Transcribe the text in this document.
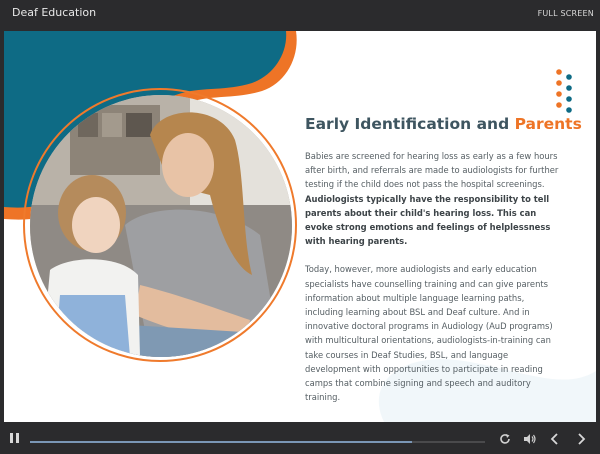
Deaf Education	FULL SCREEN
Early Identification and Parents

Babies are screened for hearing loss as early as a few hours after birth, and referrals are made to audiologists for further testing if the child does not pass the hospital screenings. Audiologists typically have the responsibility to tell parents about their child's hearing loss. This can evoke strong emotions and feelings of helplessness with hearing parents.

Today, however, more audiologists and early education specialists have counselling training and can give parents information about multiple language learning paths, including learning about BSL and Deaf culture. And in innovative doctoral programs in Audiology (AuD programs) with multicultural orientations, audiologists-in-training can take courses in Deaf Studies, BSL, and language development with opportunities to participate in reading camps that combine signing and speech and auditory training.
